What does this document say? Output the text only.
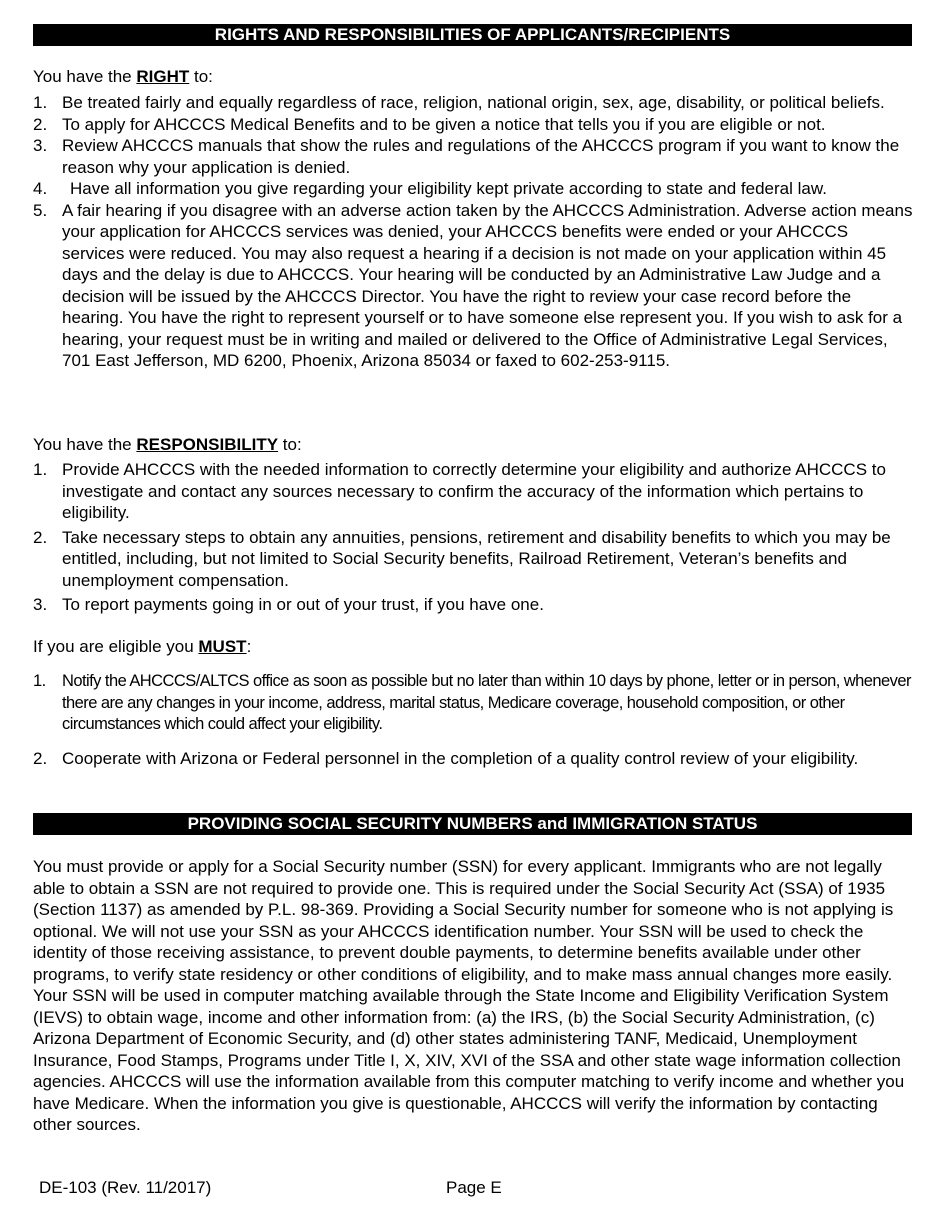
RIGHTS AND RESPONSIBILITIES OF APPLICANTS/RECIPIENTS
You have the RIGHT to:
1. Be treated fairly and equally regardless of race, religion, national origin, sex, age, disability, or political beliefs.
2. To apply for AHCCCS Medical Benefits and to be given a notice that tells you if you are eligible or not.
3. Review AHCCCS manuals that show the rules and regulations of the AHCCCS program if you want to know the reason why your application is denied.
4. Have all information you give regarding your eligibility kept private according to state and federal law.
5. A fair hearing if you disagree with an adverse action taken by the AHCCCS Administration. Adverse action means your application for AHCCCS services was denied, your AHCCCS benefits were ended or your AHCCCS services were reduced. You may also request a hearing if a decision is not made on your application within 45 days and the delay is due to AHCCCS. Your hearing will be conducted by an Administrative Law Judge and a decision will be issued by the AHCCCS Director. You have the right to review your case record before the hearing. You have the right to represent yourself or to have someone else represent you. If you wish to ask for a hearing, your request must be in writing and mailed or delivered to the Office of Administrative Legal Services, 701 East Jefferson, MD 6200, Phoenix, Arizona 85034 or faxed to 602-253-9115.
You have the RESPONSIBILITY to:
1. Provide AHCCCS with the needed information to correctly determine your eligibility and authorize AHCCCS to investigate and contact any sources necessary to confirm the accuracy of the information which pertains to eligibility.
2. Take necessary steps to obtain any annuities, pensions, retirement and disability benefits to which you may be entitled, including, but not limited to Social Security benefits, Railroad Retirement, Veteran’s benefits and unemployment compensation.
3. To report payments going in or out of your trust, if you have one.
If you are eligible you MUST:
1. Notify the AHCCCS/ALTCS office as soon as possible but no later than within 10 days by phone, letter or in person, whenever there are any changes in your income, address, marital status, Medicare coverage, household composition, or other circumstances which could affect your eligibility.
2. Cooperate with Arizona or Federal personnel in the completion of a quality control review of your eligibility.
PROVIDING SOCIAL SECURITY NUMBERS and IMMIGRATION STATUS

You must provide or apply for a Social Security number (SSN) for every applicant. Immigrants who are not legally able to obtain a SSN are not required to provide one. This is required under the Social Security Act (SSA) of 1935 (Section 1137) as amended by P.L. 98-369. Providing a Social Security number for someone who is not applying is optional. We will not use your SSN as your AHCCCS identification number. Your SSN will be used to check the identity of those receiving assistance, to prevent double payments, to determine benefits available under other programs, to verify state residency or other conditions of eligibility, and to make mass annual changes more easily. Your SSN will be used in computer matching available through the State Income and Eligibility Verification System (IEVS) to obtain wage, income and other information from: (a) the IRS, (b) the Social Security Administration, (c) Arizona Department of Economic Security, and (d) other states administering TANF, Medicaid, Unemployment Insurance, Food Stamps, Programs under Title I, X, XIV, XVI of the SSA and other state wage information collection agencies. AHCCCS will use the information available from this computer matching to verify income and whether you have Medicare. When the information you give is questionable, AHCCCS will verify the information by contacting other sources.

DE-103 (Rev. 11/2017)	Page E
